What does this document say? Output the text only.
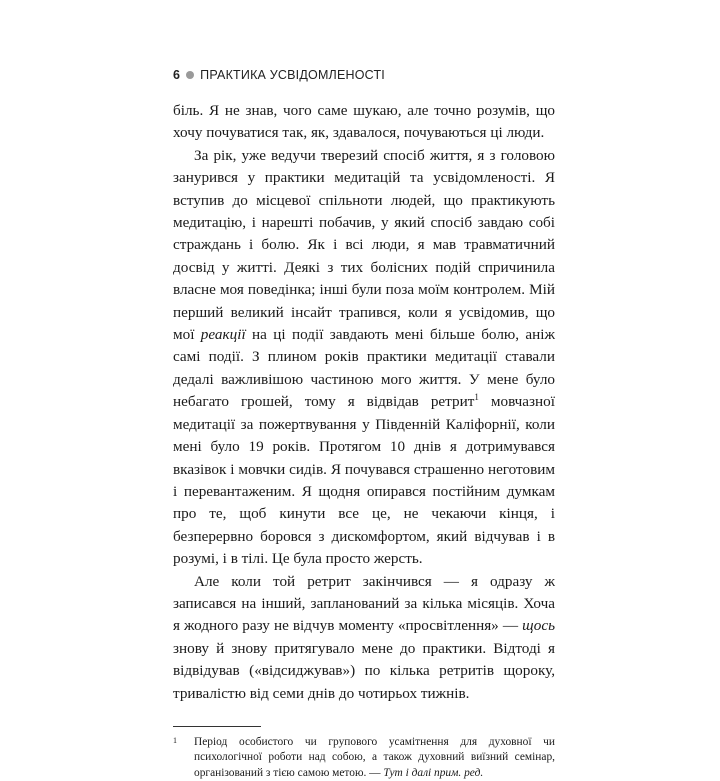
6 ПРАКТИКА УСВІДОМЛЕНОСТІ

біль. Я не знав, чого саме шукаю, але точно розумів, що хочу почуватися так, як, здавалося, почуваються ці люди.

За рік, уже ведучи тверезий спосіб життя, я з головою занурився у практики медитацій та усвідомленості. Я вступив до місцевої спільноти людей, що практикують медитацію, і нарешті побачив, у який спосіб завдаю собі страждань і болю. Як і всі люди, я мав травматичний досвід у житті. Деякі з тих болісних подій спричинила власне моя поведінка; інші були поза моїм контролем. Мій перший великий інсайт трапився, коли я усвідомив, що мої реакції на ці події завдають мені більше болю, аніж самі події. З плином років практики медитації ставали дедалі важливішою частиною мого життя. У мене було небагато грошей, тому я відвідав ретрит$^1$ мовчазної медитації за пожертвування у Південній Каліфорнії, коли мені було 19 років. Протягом 10 днів я дотримувався вказівок і мовчки сидів. Я почувався страшенно неготовим і перевантаженим. Я щодня опирався постійним думкам про те, щоб кинути все це, не чекаючи кінця, і безперервно боровся з дискомфортом, який відчував і в розумі, і в тілі. Це була просто жерсть.

Але коли той ретрит закінчився — я одразу ж записався на інший, запланований за кілька місяців. Хоча я жодного разу не відчув моменту «просвітлення» — щось знову й знову притягувало мене до практики. Відтоді я відвідував («відсиджував») по кілька ретритів щороку, тривалістю від семи днів до чотирьох тижнів.

1	Період особистого чи групового усамітнення для духовної чи психологічної роботи над собою, а також духовний виїзний семінар, організований з тією самою метою. — Тут і далі прим. ред.
